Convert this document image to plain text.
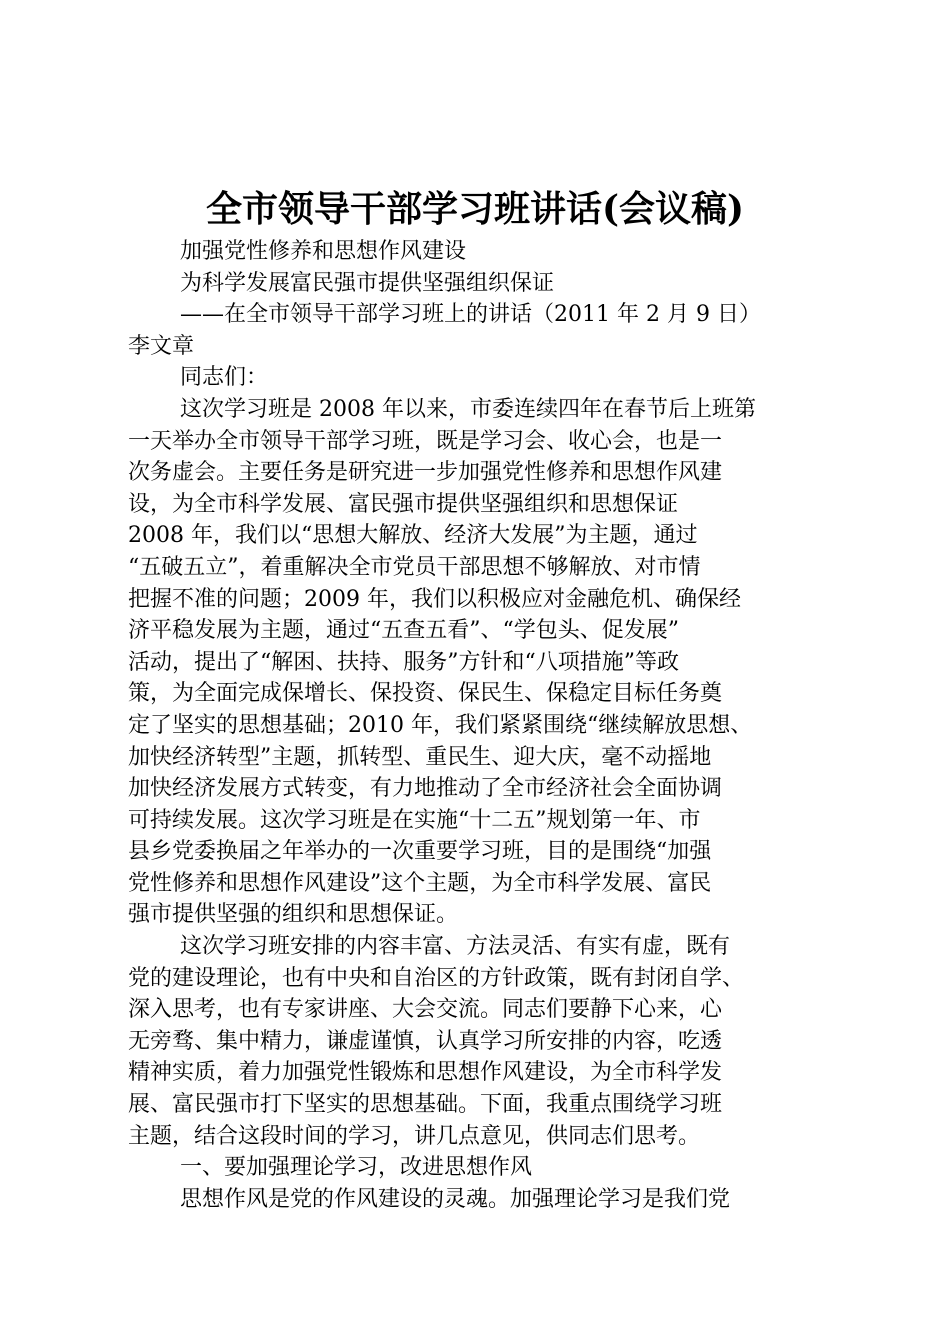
全市领导干部学习班讲话(会议稿)
加强党性修养和思想作风建设
为科学发展富民强市提供坚强组织保证
——在全市领导干部学习班上的讲话（2011 年 2 月 9 日）
李文章
同志们：
这次学习班是 2008 年以来，市委连续四年在春节后上班第
一天举办全市领导干部学习班，既是学习会、收心会，也是一
次务虚会。主要任务是研究进一步加强党性修养和思想作风建
设，为全市科学发展、富民强市提供坚强组织和思想保证
2008 年，我们以“思想大解放、经济大发展”为主题，通过
“五破五立”，着重解决全市党员干部思想不够解放、对市情
把握不准的问题；2009 年，我们以积极应对金融危机、确保经
济平稳发展为主题，通过“五查五看”、“学包头、促发展”
活动，提出了“解困、扶持、服务”方针和“八项措施”等政
策，为全面完成保增长、保投资、保民生、保稳定目标任务奠
定了坚实的思想基础；2010 年，我们紧紧围绕“继续解放思想、
加快经济转型”主题，抓转型、重民生、迎大庆，毫不动摇地
加快经济发展方式转变，有力地推动了全市经济社会全面协调
可持续发展。这次学习班是在实施“十二五”规划第一年、市
县乡党委换届之年举办的一次重要学习班，目的是围绕“加强
党性修养和思想作风建设”这个主题，为全市科学发展、富民
强市提供坚强的组织和思想保证。
这次学习班安排的内容丰富、方法灵活、有实有虚，既有
党的建设理论，也有中央和自治区的方针政策，既有封闭自学、
深入思考，也有专家讲座、大会交流。同志们要静下心来，心
无旁骛、集中精力，谦虚谨慎，认真学习所安排的内容，吃透
精神实质，着力加强党性锻炼和思想作风建设，为全市科学发
展、富民强市打下坚实的思想基础。下面，我重点围绕学习班
主题，结合这段时间的学习，讲几点意见，供同志们思考。
一、要加强理论学习，改进思想作风
思想作风是党的作风建设的灵魂。加强理论学习是我们党
